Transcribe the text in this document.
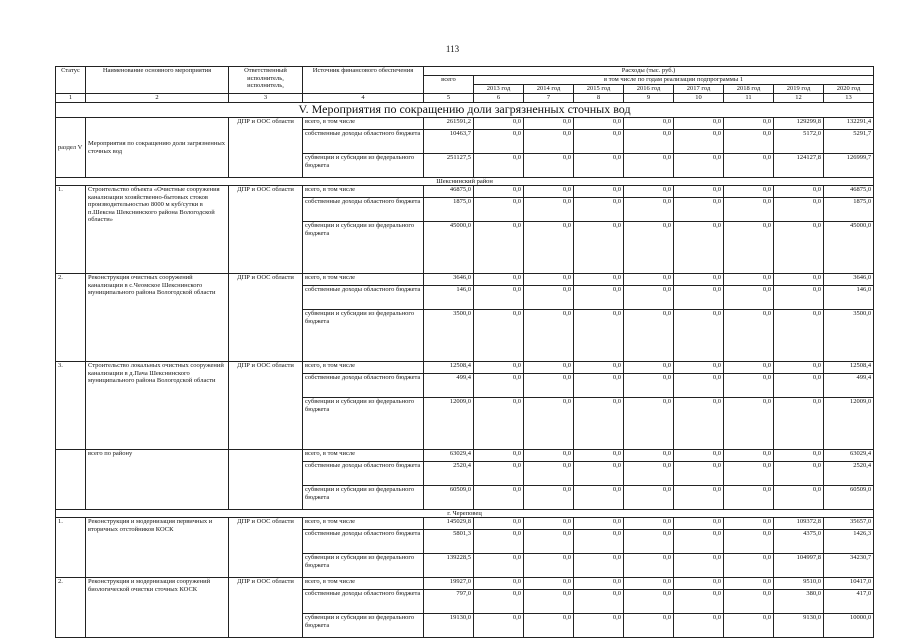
113
Статус	Наименование основного мероприятия	Ответственный исполнитель, исполнитель,	Источник финансового обеспечения	Расходы (тыс. руб.)								
				всего	в том числе по годам реализации подпрограммы 1							
					2013 год	2014 год	2015 год	2016 год	2017 год	2018 год	2019 год	2020 год
1	2	3	4	5	6	7	8	9	10	11	12	13
V. Мероприятия по сокращению доли загрязненных сточных вод												
раздел V	Мероприятия по сокращению доли загрязненных сточных вод	ДПР и ООС области	всего, в том числе	261591,2	0,0	0,0	0,0	0,0	0,0	0,0	129299,8	132291,4
			собственные доходы областного бюджета	10463,7	0,0	0,0	0,0	0,0	0,0	0,0	5172,0	5291,7
			субвенции и субсидии из федерального бюджета	251127,5	0,0	0,0	0,0	0,0	0,0	0,0	124127,8	126999,7
Шекснинский район												
1.	Строительство объекта «Очистные сооружения канализации хозяйственно-бытовых стоков производительностью 8000 м куб/сутки в п.Шексна Шекснинского района Вологодской области»	ДПР и ООС области	всего, в том числе	46875,0	0,0	0,0	0,0	0,0	0,0	0,0	0,0	46875,0
			собственные доходы областного бюджета	1875,0	0,0	0,0	0,0	0,0	0,0	0,0	0,0	1875,0
			субвенции и субсидии из федерального бюджета	45000,0	0,0	0,0	0,0	0,0	0,0	0,0	0,0	45000,0
2.	Реконструкция очистных сооружений канализации в с.Чеoмское Шекснинского муниципального района Вологодской области	ДПР и ООС области	всего, в том числе	3646,0	0,0	0,0	0,0	0,0	0,0	0,0	0,0	3646,0
			собственные доходы областного бюджета	146,0	0,0	0,0	0,0	0,0	0,0	0,0	0,0	146,0
			субвенции и субсидии из федерального бюджета	3500,0	0,0	0,0	0,0	0,0	0,0	0,0	0,0	3500,0
3.	Строительство локальных очистных сооружений канализации в д.Пача Шекснинского муниципального района Вологодской области	ДПР и ООС области	всего, в том числе	12508,4	0,0	0,0	0,0	0,0	0,0	0,0	0,0	12508,4
			собственные доходы областного бюджета	499,4	0,0	0,0	0,0	0,0	0,0	0,0	0,0	499,4
			субвенции и субсидии из федерального бюджета	12009,0	0,0	0,0	0,0	0,0	0,0	0,0	0,0	12009,0
	всего по району		всего, в том числе	63029,4	0,0	0,0	0,0	0,0	0,0	0,0	0,0	63029,4
			собственные доходы областного бюджета	2520,4	0,0	0,0	0,0	0,0	0,0	0,0	0,0	2520,4
			субвенции и субсидии из федерального бюджета	60509,0	0,0	0,0	0,0	0,0	0,0	0,0	0,0	60509,0
г. Череповец												
1.	Реконструкция и модернизация первичных и вторичных отстойников КОСК	ДПР и ООС области	всего, в том числе	145029,8	0,0	0,0	0,0	0,0	0,0	0,0	109372,8	35657,0
			собственные доходы областного бюджета	5801,3	0,0	0,0	0,0	0,0	0,0	0,0	4375,0	1426,3
			субвенции и субсидии из федерального бюджета	139228,5	0,0	0,0	0,0	0,0	0,0	0,0	104997,8	34230,7
2.	Реконструкция и модернизация сооружений биологической очистки сточных КОСК	ДПР и ООС области	всего, в том числе	19927,0	0,0	0,0	0,0	0,0	0,0	0,0	9510,0	10417,0
			собственные доходы областного бюджета	797,0	0,0	0,0	0,0	0,0	0,0	0,0	380,0	417,0
			субвенции и субсидии из федерального бюджета	19130,0	0,0	0,0	0,0	0,0	0,0	0,0	9130,0	10000,0
